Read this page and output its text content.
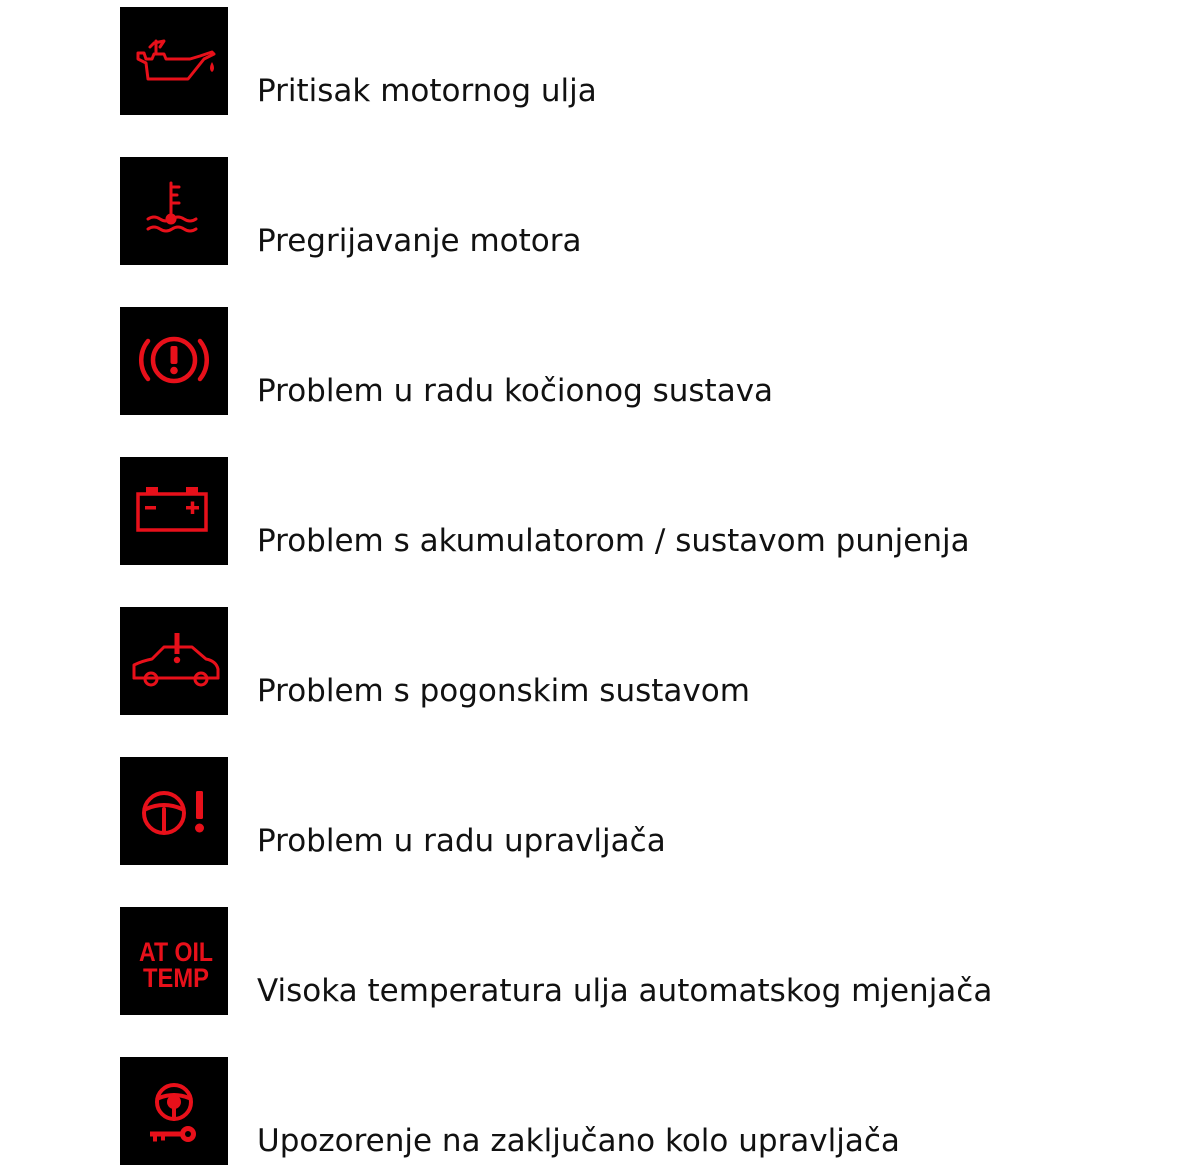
Pritisak motornog ulja
Pregrijavanje motora
Problem u radu kočionog sustava
Problem s akumulatorom / sustavom punjenja
Problem s pogonskim sustavom
Problem u radu upravljača
AT OIL
TEMP Visoka temperatura ulja automatskog mjenjača
Upozorenje na zaključano kolo upravljača
